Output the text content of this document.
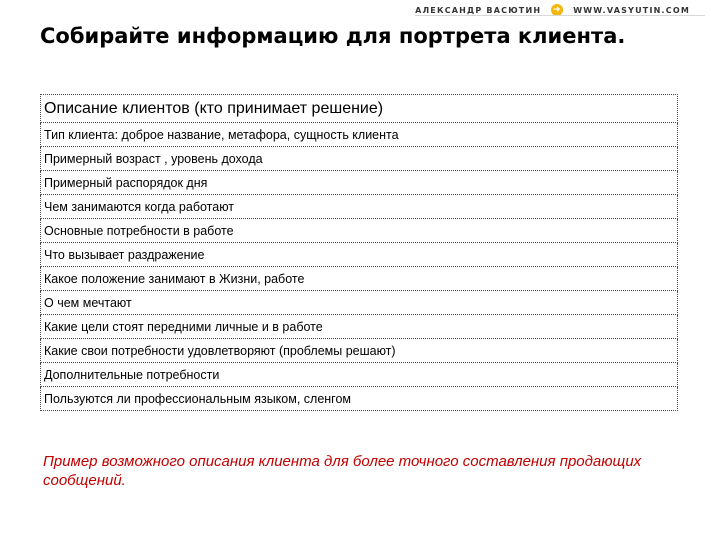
АЛЕКСАНДР ВАСЮТИН ➜ WWW.VASYUTIN.COM
Собирайте информацию для портрета клиента.
Описание клиентов (кто принимает решение)
Тип клиента: доброе название, метафора, сущность клиента
Примерный возраст , уровень дохода
Примерный распорядок дня
Чем занимаются когда работают
Основные потребности в работе
Что вызывает раздражение
Какое положение занимают в Жизни, работе
О чем мечтают
Какие цели стоят передними личные и в работе
Какие свои потребности удовлетворяют (проблемы решают)
Дополнительные потребности
Пользуются ли профессиональным языком, сленгом

Пример возможного описания клиента для более точного составления продающих сообщений.
